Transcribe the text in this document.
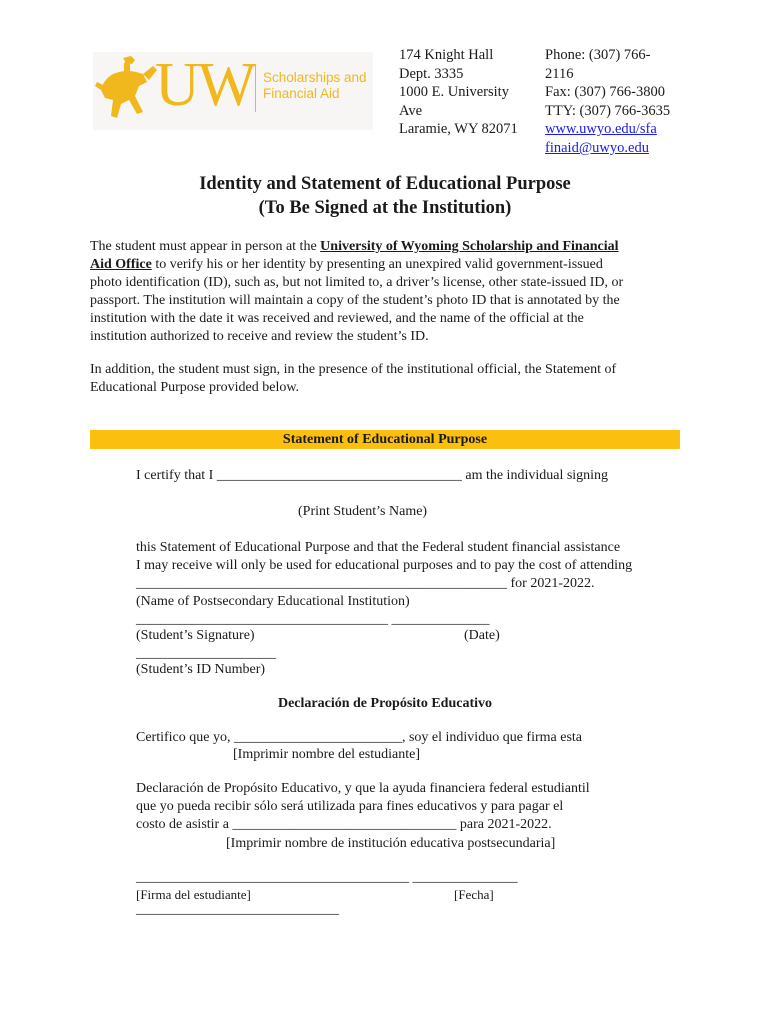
UW Scholarships and
Financial Aid
174 Knight Hall
Dept. 3335
1000 E. University
Ave
Laramie, WY 82071
Phone: (307) 766-
2116
Fax: (307) 766-3800
TTY: (307) 766-3635
www.uwyo.edu/sfa
finaid@uwyo.edu
Identity and Statement of Educational Purpose
(To Be Signed at the Institution)
The student must appear in person at the University of Wyoming Scholarship and Financial
Aid Office to verify his or her identity by presenting an unexpired valid government-issued
photo identification (ID), such as, but not limited to, a driver’s license, other state-issued ID, or
passport. The institution will maintain a copy of the student’s photo ID that is annotated by the
institution with the date it was received and reviewed, and the name of the official at the
institution authorized to receive and review the student’s ID.
In addition, the student must sign, in the presence of the institutional official, the Statement of
Educational Purpose provided below.
Statement of Educational Purpose
I certify that I ___________________________________ am the individual signing
(Print Student’s Name)
this Statement of Educational Purpose and that the Federal student financial assistance
I may receive will only be used for educational purposes and to pay the cost of attending
_____________________________________________________ for 2021-2022.
(Name of Postsecondary Educational Institution)
____________________________________ ______________
(Student’s Signature)	(Date)
____________________
(Student’s ID Number)
Declaración de Propósito Educativo
Certifico que yo, ________________________, soy el individuo que firma esta
[Imprimir nombre del estudiante]
Declaración de Propósito Educativo, y que la ayuda financiera federal estudiantil
que yo pueda recibir sólo será utilizada para fines educativos y para pagar el
costo de asistir a ________________________________ para 2021-2022.
[Imprimir nombre de institución educativa postsecundaria]
_______________________________________ _______________
[Firma del estudiante]	[Fecha]
_____________________________
